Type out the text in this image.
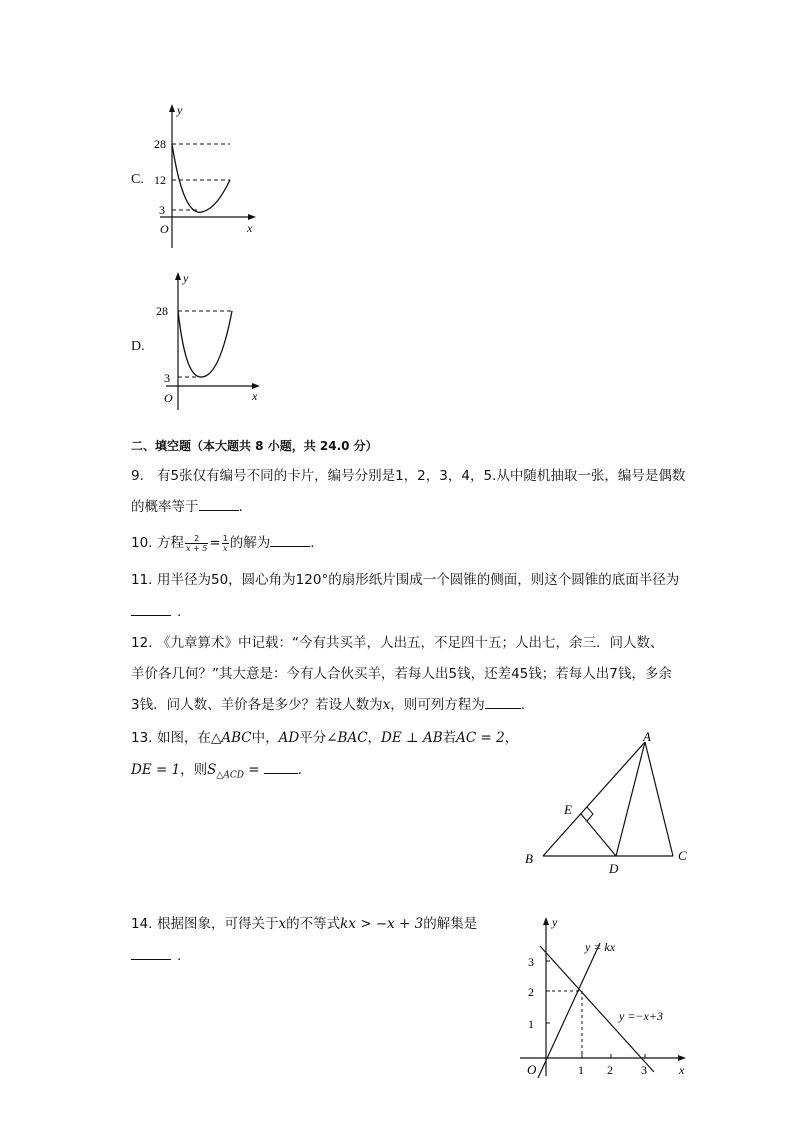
C.
y
x
O
28
12
3
D.
y
x
O
28
3
二、填空题（本大题共 8 小题，共 24.0 分）
9. 有5张仅有编号不同的卡片，编号分别是1，2，3，4，5.从中随机抽取一张，编号是偶数
的概率等于	.
10. 方程 $\frac{2}{x + 5} = \frac{1}{x}$ 的解为	.
11. 用半径为50，圆心角为120°的扇形纸片围成一个圆锥的侧面，则这个圆锥的底面半径为
.
12. 《九章算术》中记载：“今有共买羊，人出五，不足四十五；人出七，余三．问人数、
羊价各几何？”其大意是：今有人合伙买羊，若每人出5钱，还差45钱；若每人出7钱，多余
3钱．问人数、羊价各是多少？若设人数为x，则可列方程为	.
13. 如图，在△ABC中，AD平分∠BAC，DE ⊥ AB若AC = 2，
DE = 1，则$S_{\triangle ACD}$ =	.
A
B	C
D
E
14. 根据图象，可得关于x的不等式kx > −x + 3的解集是
.
y
x
O
3
2
1
1 2 3
y = kx
y =−x+3
